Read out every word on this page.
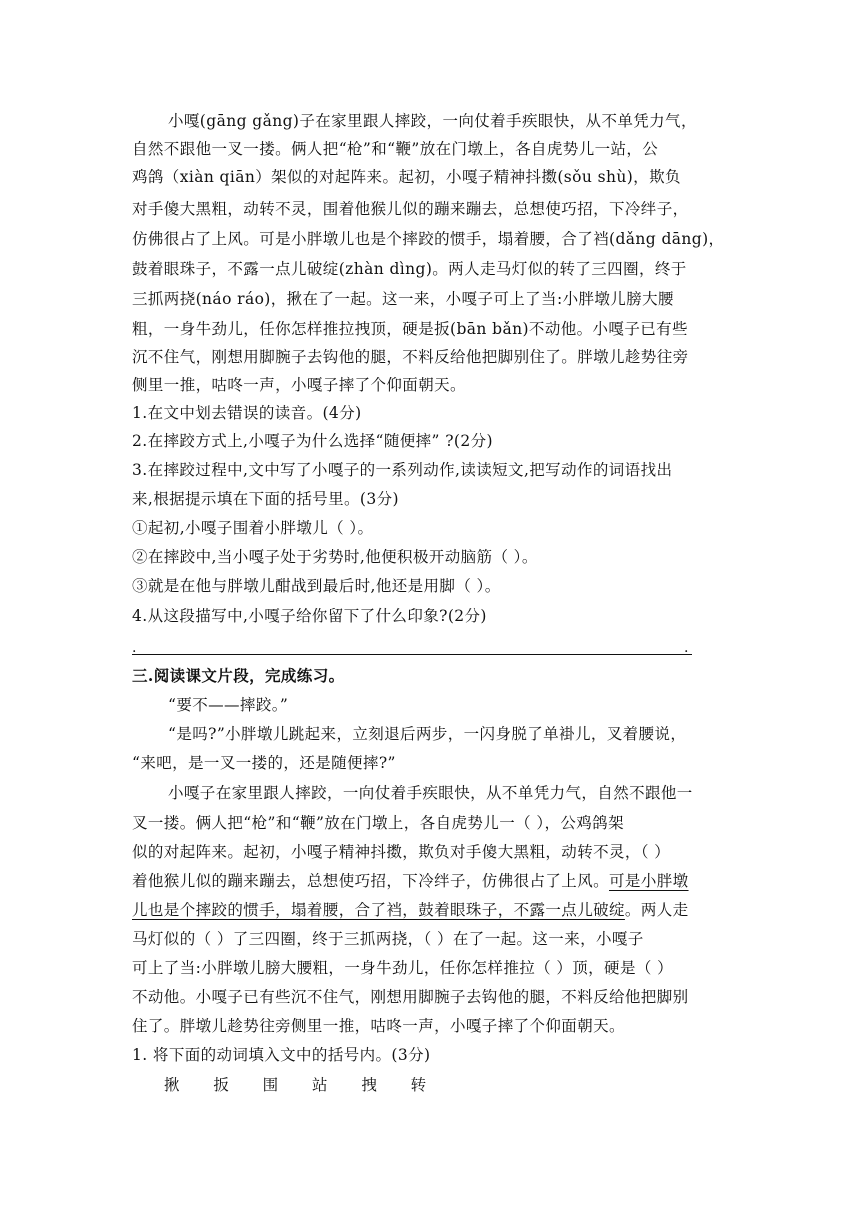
小嘎(gāng gǎng)子在家里跟人摔跤，一向仗着手疾眼快，从不单凭力气，
自然不跟他一叉一搂。俩人把“枪”和“鞭”放在门墩上，各自虎势儿一站，公
鸡鸽（xiàn qiān）架似的对起阵来。起初，小嘎子精神抖擞(sǒu shù)，欺负
对手傻大黑粗，动转不灵，围着他猴儿似的蹦来蹦去，总想使巧招，下冷绊子，
仿佛很占了上风。可是小胖墩儿也是个摔跤的惯手，塌着腰，合了裆(dǎng dāng)，
鼓着眼珠子，不露一点儿破绽(zhàn dìng)。两人走马灯似的转了三四圈，终于
三抓两挠(náo ráo)，揪在了一起。这一来，小嘎子可上了当:小胖墩儿膀大腰
粗，一身牛劲儿，任你怎样推拉拽顶，硬是扳(bān bǎn)不动他。小嘎子已有些
沉不住气，刚想用脚腕子去钩他的腿，不料反给他把脚别住了。胖墩儿趁势往旁
侧里一推，咕咚一声，小嘎子摔了个仰面朝天。
1.在文中划去错误的读音。(4分)
2.在摔跤方式上,小嘎子为什么选择“随便摔” ?(2分)
3.在摔跤过程中,文中写了小嘎子的一系列动作,读读短文,把写动作的词语找出
来,根据提示填在下面的括号里。(3分)
①起初,小嘎子围着小胖墩儿（ ）。
②在摔跤中,当小嘎子处于劣势时,他便积极开动脑筋（ ）。
③就是在他与胖墩儿酣战到最后时,他还是用脚（ ）。
4.从这段描写中,小嘎子给你留下了什么印象?(2分)
.	.
三.阅读课文片段，完成练习。
“要不——摔跤。”
“是吗?”小胖墩儿跳起来，立刻退后两步，一闪身脱了单褂儿，叉着腰说，
“来吧，是一叉一搂的，还是随便摔?”
小嘎子在家里跟人摔跤，一向仗着手疾眼快，从不单凭力气，自然不跟他一
叉一搂。俩人把“枪”和“鞭”放在门墩上，各自虎势儿一（ ），公鸡鸽架
似的对起阵来。起初，小嘎子精神抖擞，欺负对手傻大黑粗，动转不灵，（ ）
着他猴儿似的蹦来蹦去，总想使巧招，下冷绊子，仿佛很占了上风。可是小胖墩
儿也是个摔跤的惯手，塌着腰，合了裆，鼓着眼珠子，不露一点儿破绽。两人走
马灯似的（ ）了三四圈，终于三抓两挠，（ ）在了一起。这一来，小嘎子
可上了当:小胖墩儿膀大腰粗，一身牛劲儿，任你怎样推拉（ ）顶，硬是（ ）
不动他。小嘎子已有些沉不住气，刚想用脚腕子去钩他的腿，不料反给他把脚别
住了。胖墩儿趁势往旁侧里一推，咕咚一声，小嘎子摔了个仰面朝天。
1. 将下面的动词填入文中的括号内。(3分)
揪 扳 围 站 拽 转
